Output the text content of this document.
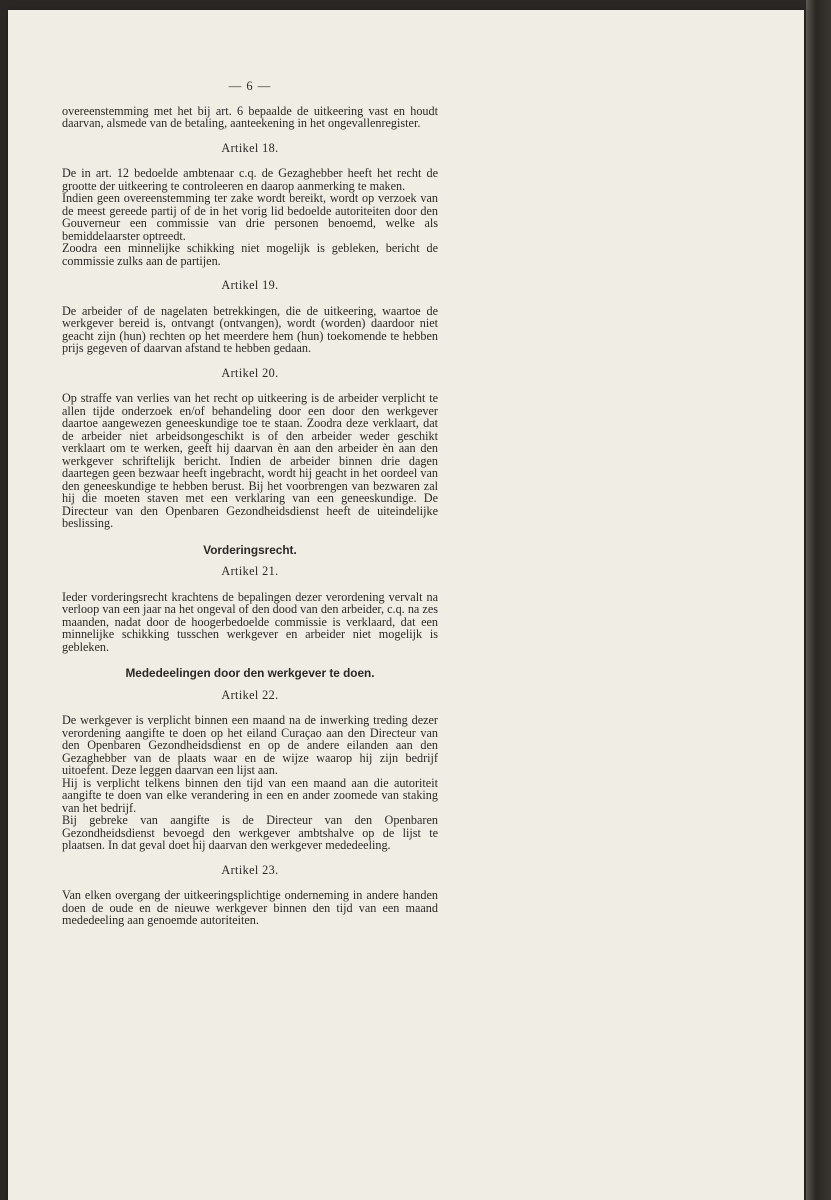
— 6 —

overeenstemming met het bij art. 6 bepaalde de uitkeering vast en houdt daarvan, alsmede van de betaling, aanteekening in het ongevallenregister.

Artikel 18.

De in art. 12 bedoelde ambtenaar c.q. de Gezaghebber heeft het recht de grootte der uitkeering te controleeren en daarop aanmerking te maken.

Indien geen overeenstemming ter zake wordt bereikt, wordt op verzoek van de meest gereede partij of de in het vorig lid bedoelde autoriteiten door den Gouverneur een commissie van drie personen benoemd, welke als bemiddelaarster optreedt.

Zoodra een minnelijke schikking niet mogelijk is gebleken, bericht de commissie zulks aan de partijen.

Artikel 19.

De arbeider of de nagelaten betrekkingen, die de uitkeering, waartoe de werkgever bereid is, ontvangt (ontvangen), wordt (worden) daardoor niet geacht zijn (hun) rechten op het meerdere hem (hun) toekomende te hebben prijs gegeven of daarvan afstand te hebben gedaan.

Artikel 20.

Op straffe van verlies van het recht op uitkeering is de arbeider verplicht te allen tijde onderzoek en/of behandeling door een door den werkgever daartoe aangewezen geneeskundige toe te staan. Zoodra deze verklaart, dat de arbeider niet arbeidsongeschikt is of den arbeider weder geschikt verklaart om te werken, geeft hij daarvan èn aan den arbeider èn aan den werkgever schriftelijk bericht. Indien de arbeider binnen drie dagen daartegen geen bezwaar heeft ingebracht, wordt hij geacht in het oordeel van den geneeskundige te hebben berust. Bij het voorbrengen van bezwaren zal hij die moeten staven met een verklaring van een geneeskundige. De Directeur van den Openbaren Gezondheidsdienst heeft de uiteindelijke beslissing.

Vorderingsrecht.
Artikel 21.

Ieder vorderingsrecht krachtens de bepalingen dezer verordening vervalt na verloop van een jaar na het ongeval of den dood van den arbeider, c.q. na zes maanden, nadat door de hoogerbedoelde commissie is verklaard, dat een minnelijke schikking tusschen werkgever en arbeider niet mogelijk is gebleken.

Mededeelingen door den werkgever te doen.
Artikel 22.

De werkgever is verplicht binnen een maand na de inwerking treding dezer verordening aangifte te doen op het eiland Curaçao aan den Directeur van den Openbaren Gezondheidsdienst en op de andere eilanden aan den Gezaghebber van de plaats waar en de wijze waarop hij zijn bedrijf uitoefent. Deze leggen daarvan een lijst aan.

Hij is verplicht telkens binnen den tijd van een maand aan die autoriteit aangifte te doen van elke verandering in een en ander zoomede van staking van het bedrijf.

Bij gebreke van aangifte is de Directeur van den Openbaren Gezondheidsdienst bevoegd den werkgever ambtshalve op de lijst te plaatsen. In dat geval doet hij daarvan den werkgever mededeeling.

Artikel 23.

Van elken overgang der uitkeeringsplichtige onderneming in andere handen doen de oude en de nieuwe werkgever binnen den tijd van een maand mededeeling aan genoemde autoriteiten.
